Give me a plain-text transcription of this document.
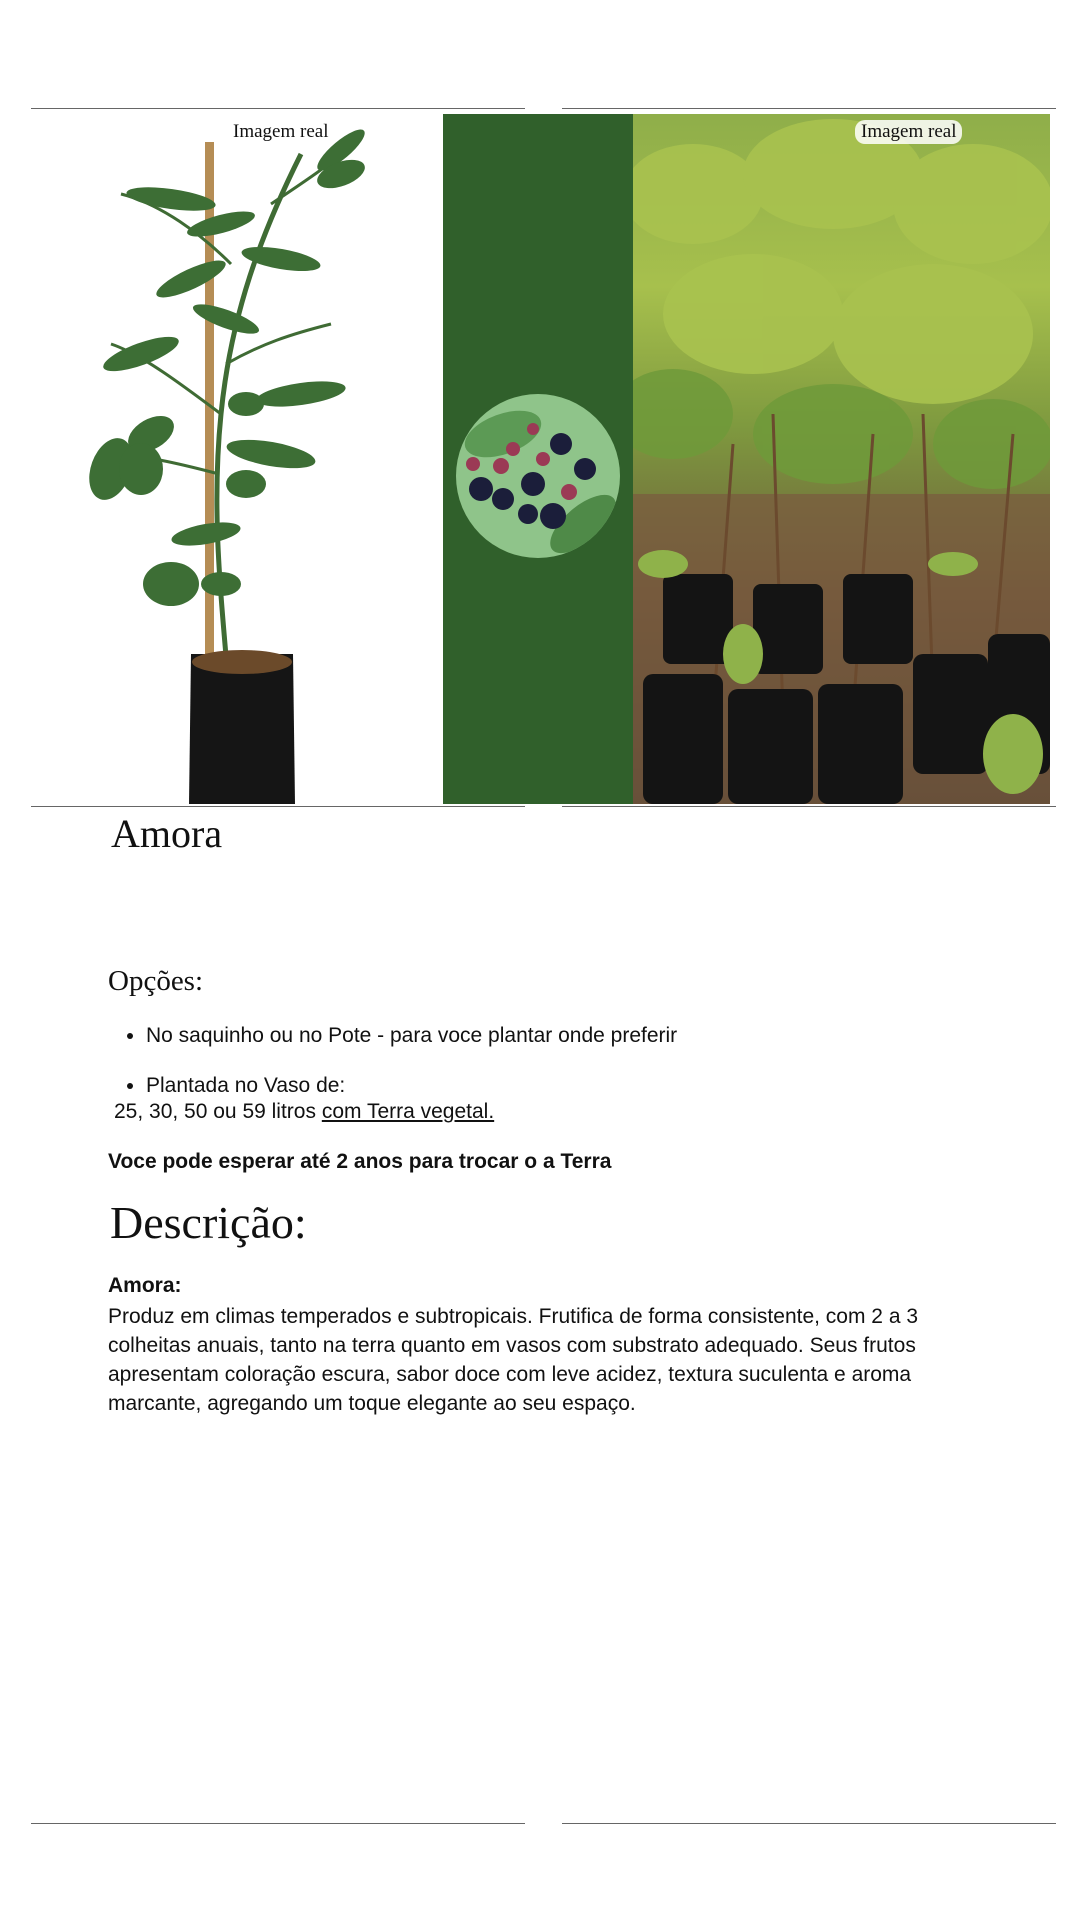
Imagem real	Imagem real
Amora
Opções:
• No saquinho ou no Pote - para voce plantar onde preferir
• Plantada no Vaso de:
25, 30, 50 ou 59 litros com Terra vegetal.
Voce pode esperar até 2 anos para trocar o a Terra
Descrição:
Amora:

Produz em climas temperados e subtropicais. Frutifica de forma consistente, com 2 a 3 colheitas anuais, tanto na terra quanto em vasos com substrato adequado. Seus frutos apresentam coloração escura, sabor doce com leve acidez, textura suculenta e aroma marcante, agregando um toque elegante ao seu espaço.
